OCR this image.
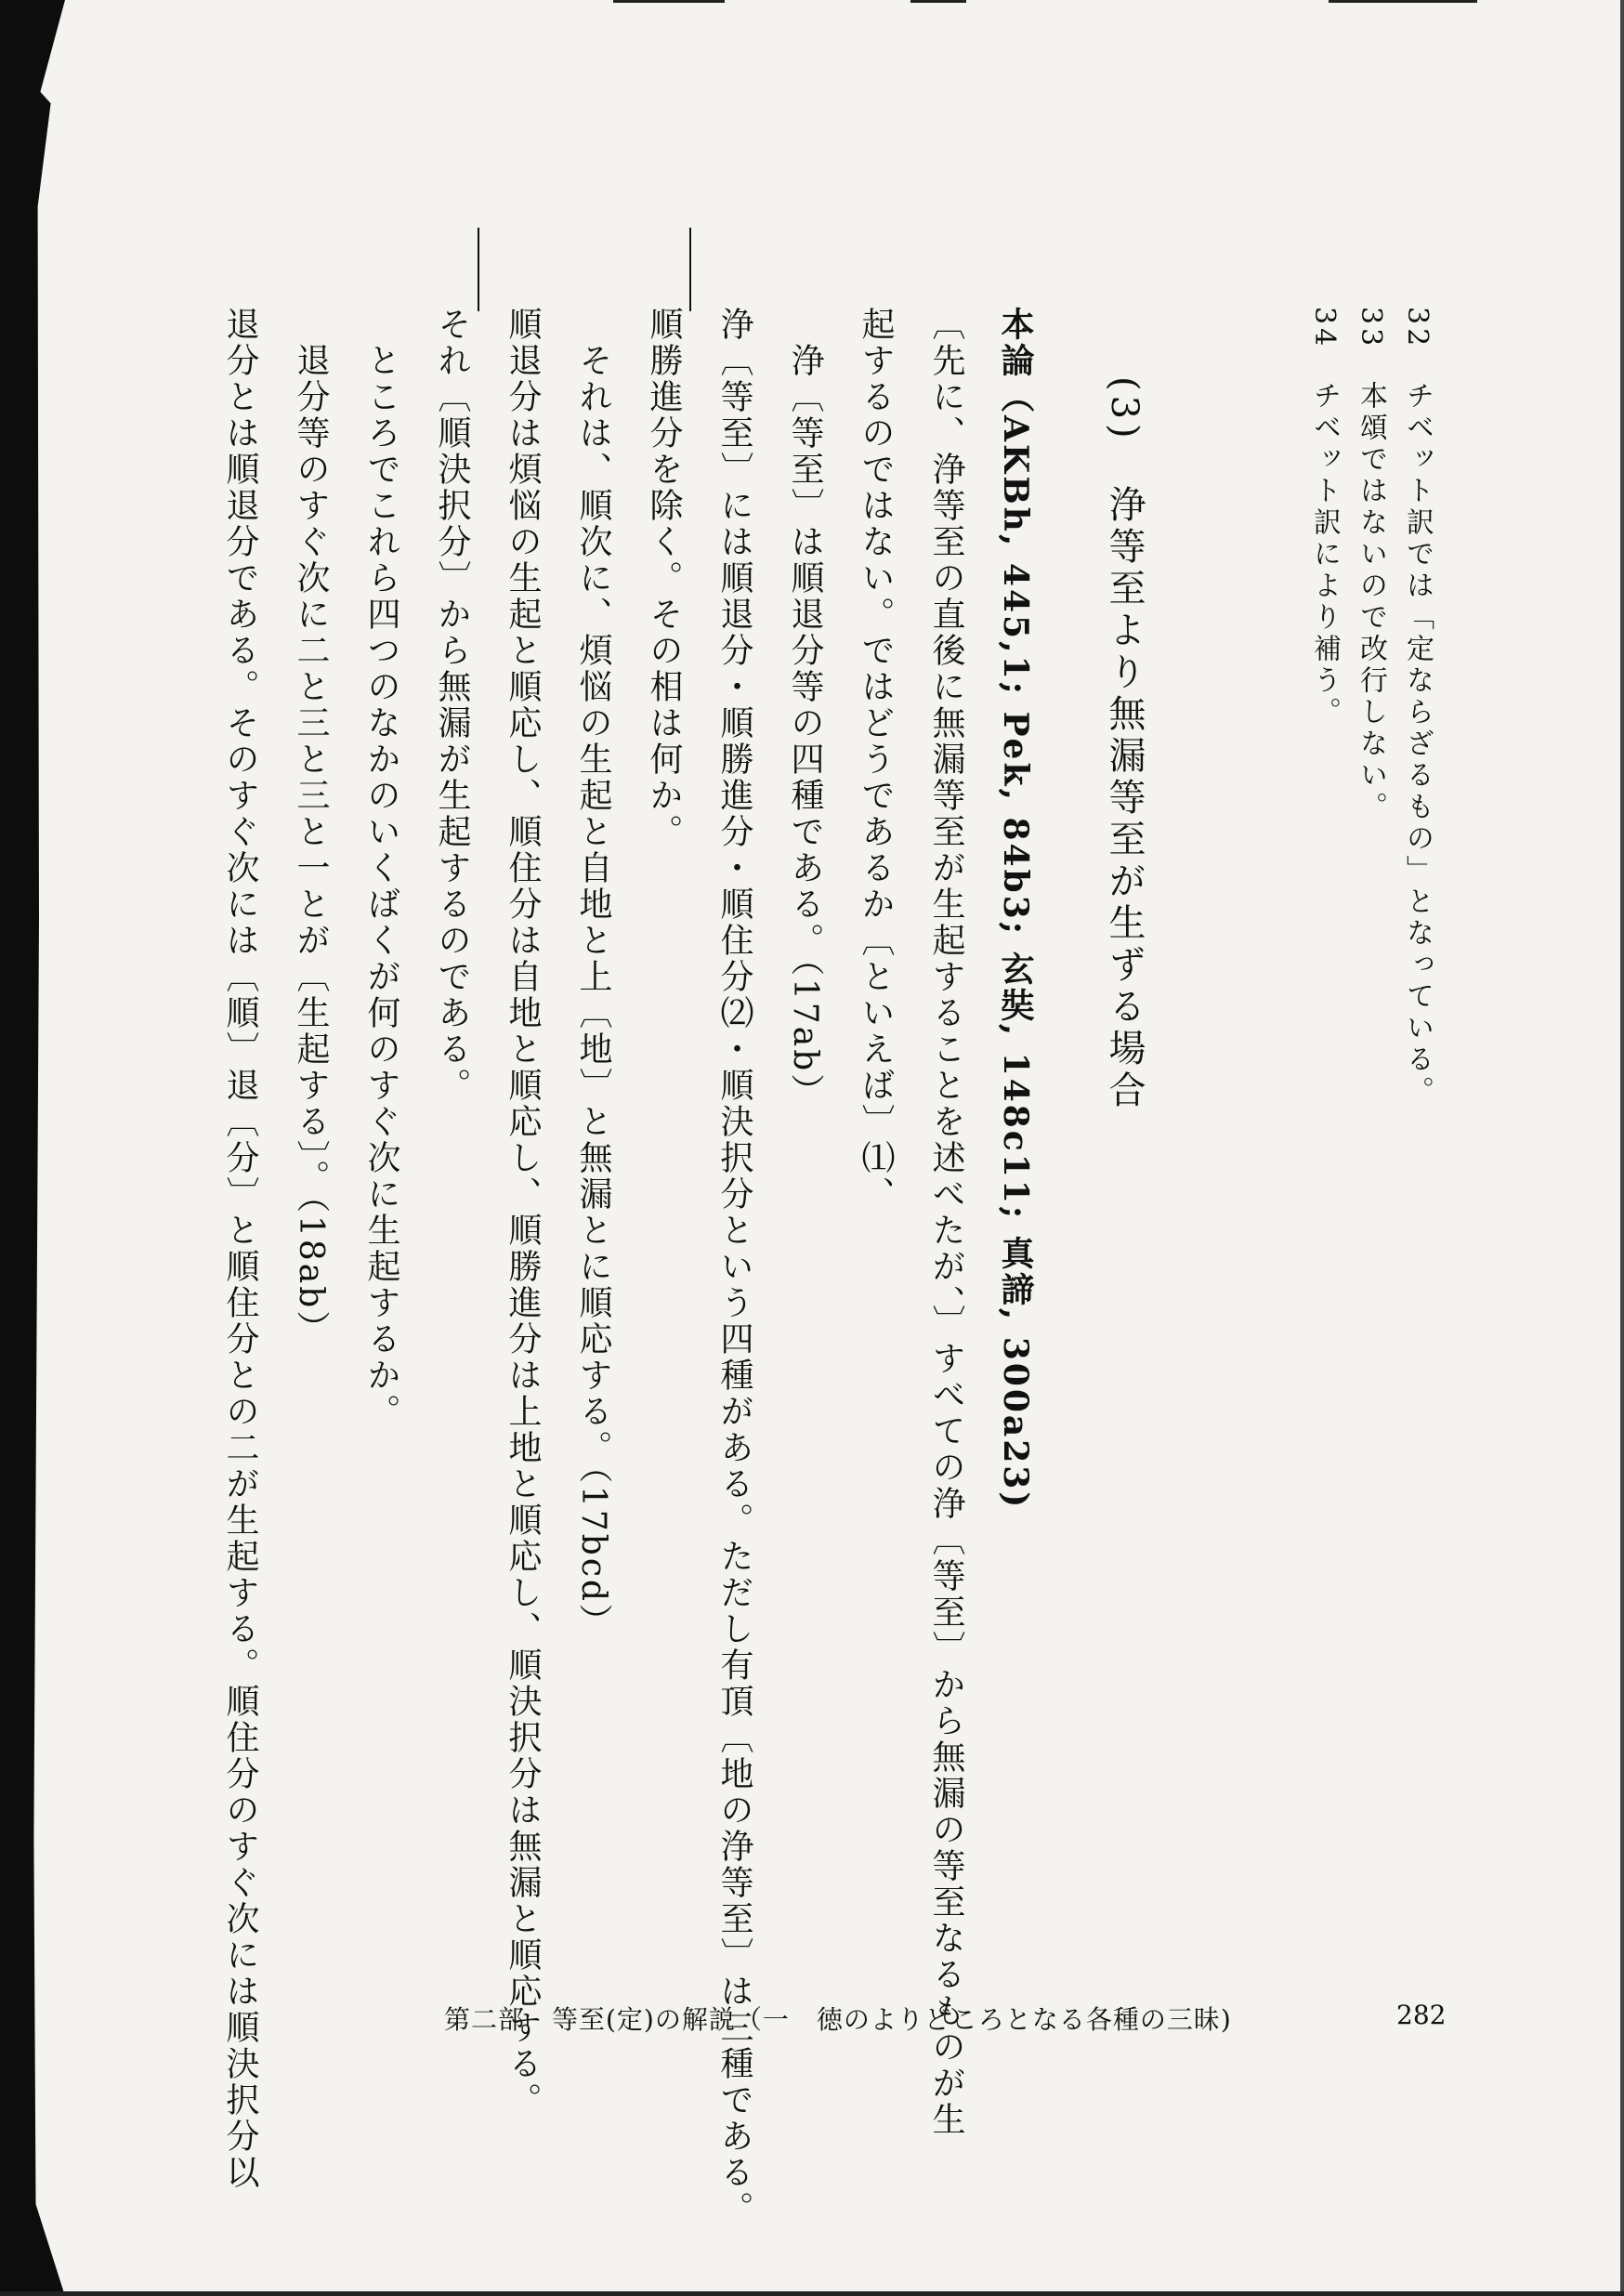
32　チベット訳では「定ならざるもの」となっている。
33　本頌ではないので改行しない。
34　チベット訳により補う。
(3)　浄等至より無漏等至が生ずる場合
本論（AKBh, 445,1; Pek, 84b3; 玄奘, 148c11; 真諦, 300a23)
〔先に、浄等至の直後に無漏等至が生起することを述べたが、〕すべての浄〔等至〕から無漏の等至なるものが生
起するのではない。ではどうであるか〔といえば〕⑴、
　浄〔等至〕は順退分等の四種である。（17ab）
浄〔等至〕には順退分・順勝進分・順住分⑵・順決択分という四種がある。ただし有頂〔地の浄等至〕は三種である。
順勝進分を除く。その相は何か。
　それは、順次に、煩悩の生起と自地と上〔地〕と無漏とに順応する。（17bcd）
順退分は煩悩の生起と順応し、順住分は自地と順応し、順勝進分は上地と順応し、順決択分は無漏と順応する。
それ〔順決択分〕から無漏が生起するのである。
　ところでこれら四つのなかのいくばくが何のすぐ次に生起するか。
　退分等のすぐ次に二と三と三と一とが〔生起する〕。（18ab）
退分とは順退分である。そのすぐ次には〔順〕退〔分〕と順住分との二が生起する。順住分のすぐ次には順決択分以	第二部　等至(定)の解説（一　徳のよりどころとなる各種の三昧)	282
